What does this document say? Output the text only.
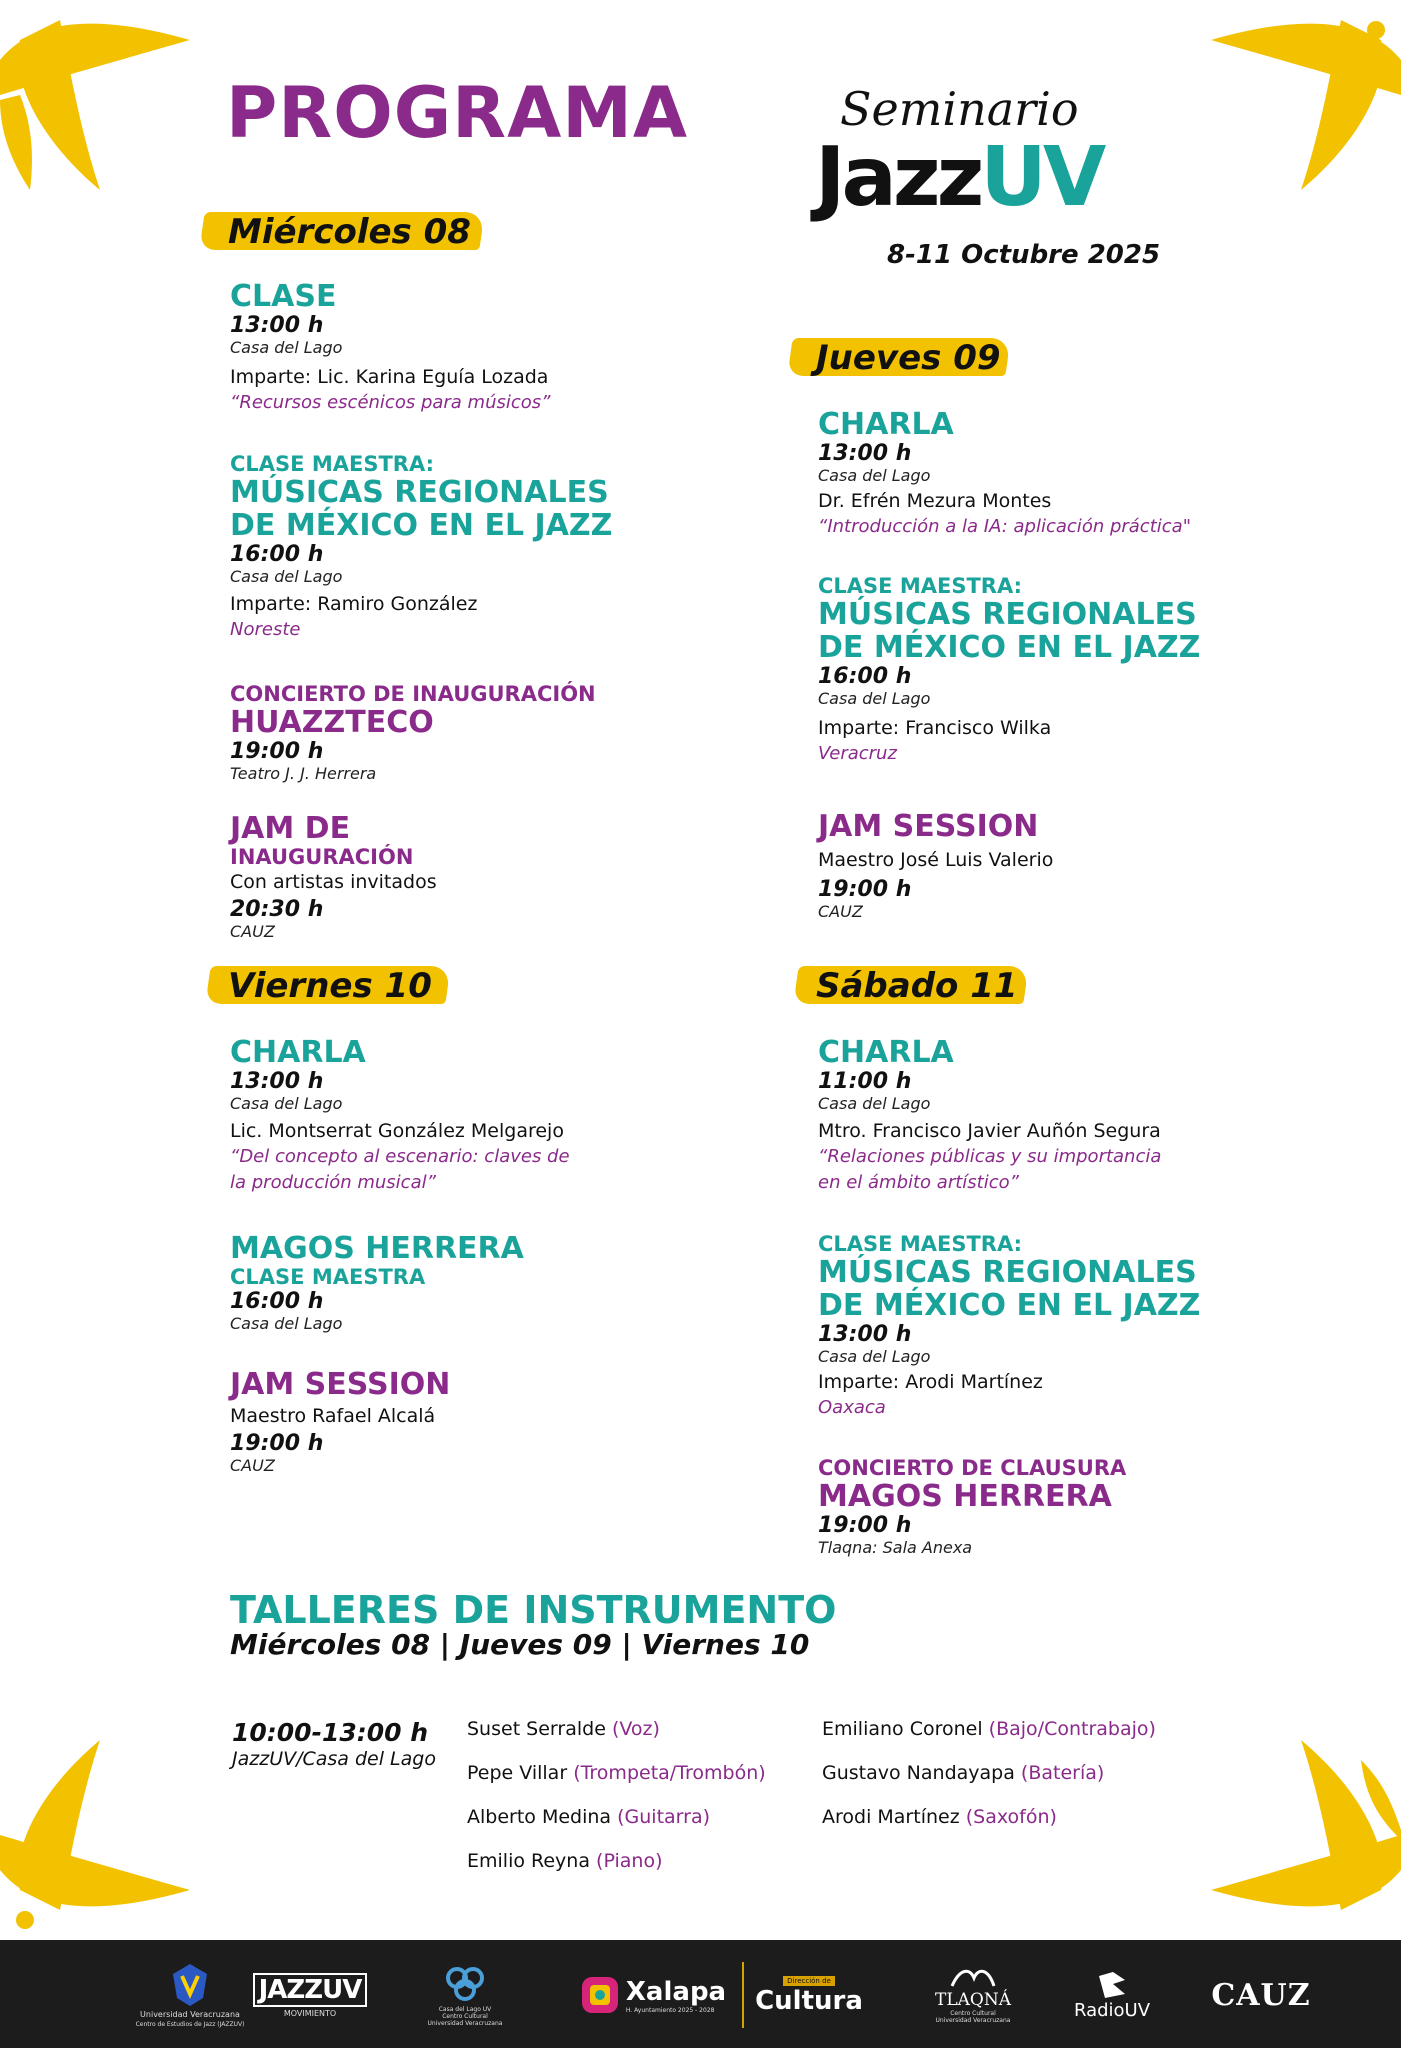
PROGRAMA	Seminario
JazzUV
8-11 Octubre 2025
Miércoles 08
CLASE
13:00 h
Casa del Lago
Imparte: Lic. Karina Eguía Lozada
“Recursos escénicos para músicos”
CLASE MAESTRA:
MÚSICAS REGIONALES
DE MÉXICO EN EL JAZZ
16:00 h
Casa del Lago
Imparte: Ramiro González
Noreste
CONCIERTO DE INAUGURACIÓN
HUAZZTECO
19:00 h
Teatro J. J. Herrera
JAM DE
INAUGURACIÓN
Con artistas invitados
20:30 h
CAUZ
Jueves 09
CHARLA
13:00 h
Casa del Lago
Dr. Efrén Mezura Montes
“Introducción a la IA: aplicación práctica"
CLASE MAESTRA:
MÚSICAS REGIONALES
DE MÉXICO EN EL JAZZ
16:00 h
Casa del Lago
Imparte: Francisco Wilka
Veracruz
JAM SESSION
Maestro José Luis Valerio
19:00 h
CAUZ
Viernes 10
CHARLA
13:00 h
Casa del Lago
Lic. Montserrat González Melgarejo
“Del concepto al escenario: claves de
la producción musical”
MAGOS HERRERA
CLASE MAESTRA
16:00 h
Casa del Lago
JAM SESSION
Maestro Rafael Alcalá
19:00 h
CAUZ
Sábado 11
CHARLA
11:00 h
Casa del Lago
Mtro. Francisco Javier Auñón Segura
“Relaciones públicas y su importancia
en el ámbito artístico”
CLASE MAESTRA:
MÚSICAS REGIONALES
DE MÉXICO EN EL JAZZ
13:00 h
Casa del Lago
Imparte: Arodi Martínez
Oaxaca
CONCIERTO DE CLAUSURA
MAGOS HERRERA
19:00 h
Tlaqna: Sala Anexa
TALLERES DE INSTRUMENTO
Miércoles 08 | Jueves 09 | Viernes 10
10:00-13:00 h
JazzUV/Casa del Lago
Suset Serralde (Voz)
Pepe Villar (Trompeta/Trombón)
Alberto Medina (Guitarra)
Emilio Reyna (Piano)
Emiliano Coronel (Bajo/Contrabajo)
Gustavo Nandayapa (Batería)
Arodi Martínez (Saxofón)
Universidad Veracruzana
Centro de Estudios de Jazz (JAZZUV)
JAZZUV
MOVIMIENTO	Casa del Lago UV
Centro Cultural
Universidad Veracruzana
Xalapa
H. Ayuntamiento 2025 - 2028
Dirección de
Cultura	TLAQNÁ
Centro Cultural
Universidad Veracruzana	RadioUV CAUZ
